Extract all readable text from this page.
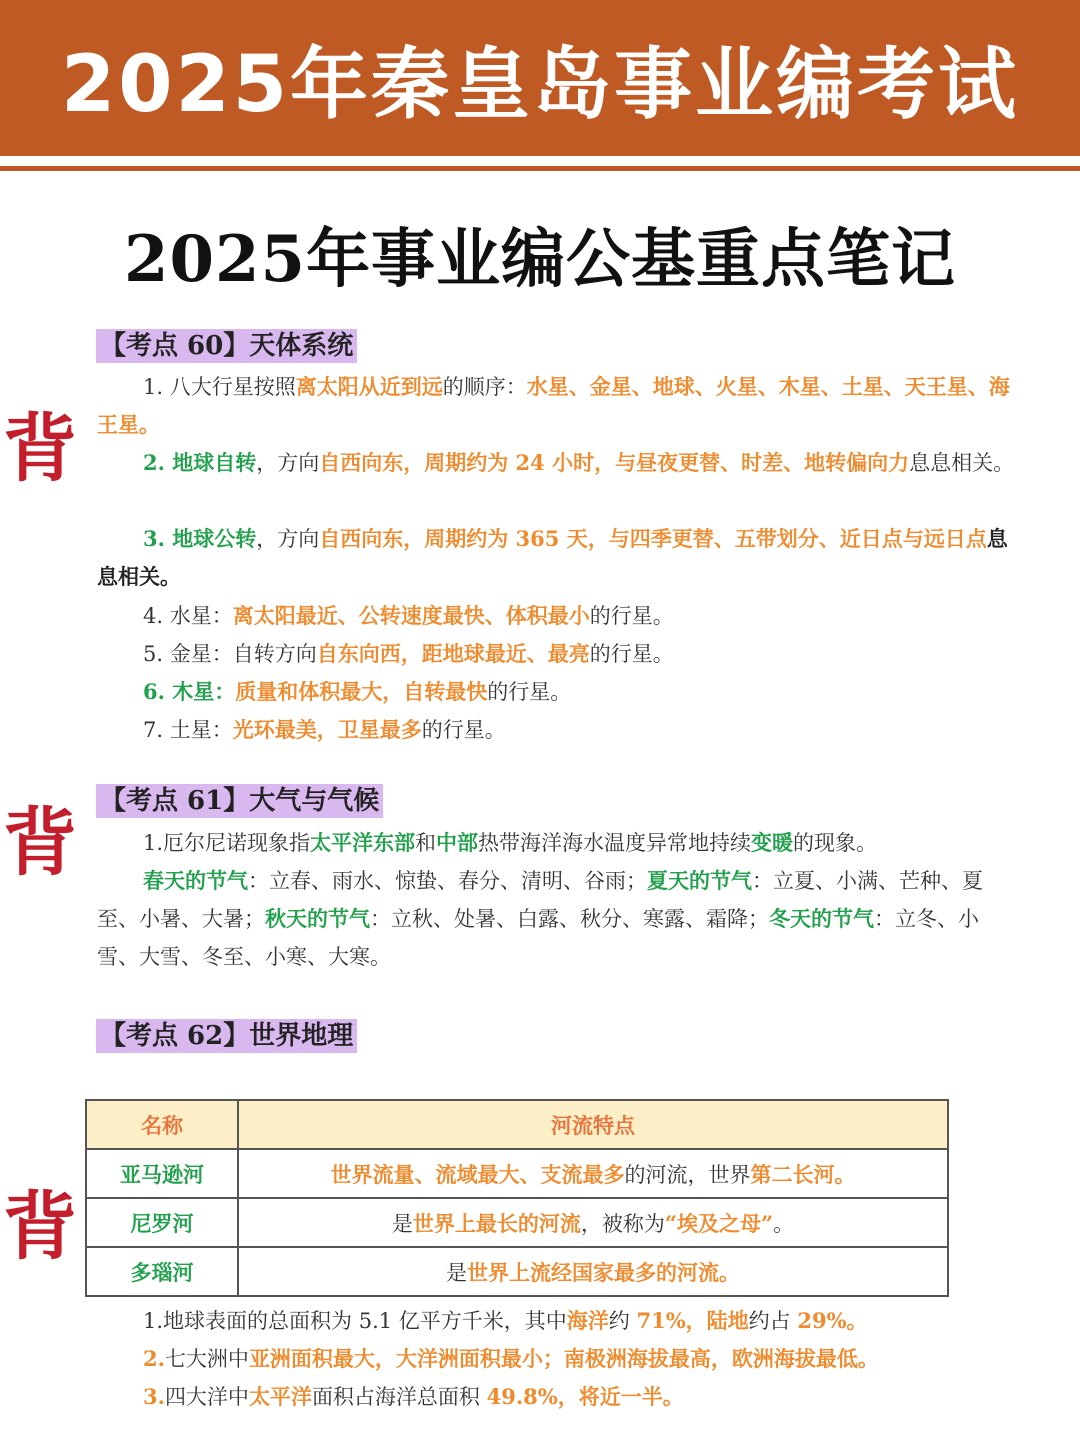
2025年秦皇岛事业编考试
2025年事业编公基重点笔记
背
背
背
【考点 60】天体系统
1. 八大行星按照离太阳从近到远的顺序：水星、金星、地球、火星、木星、土星、天王星、海王星。
2. 地球自转，方向自西向东，周期约为 24 小时，与昼夜更替、时差、地转偏向力息息相关。
3. 地球公转，方向自西向东，周期约为 365 天，与四季更替、五带划分、近日点与远日点息息相关。
4. 水星：离太阳最近、公转速度最快、体积最小的行星。
5. 金星：自转方向自东向西，距地球最近、最亮的行星。
6. 木星：质量和体积最大，自转最快的行星。
7. 土星：光环最美，卫星最多的行星。
【考点 61】大气与气候
1.厄尔尼诺现象指太平洋东部和中部热带海洋海水温度异常地持续变暖的现象。
春天的节气：立春、雨水、惊蛰、春分、清明、谷雨；夏天的节气：立夏、小满、芒种、夏至、小暑、大暑；秋天的节气：立秋、处暑、白露、秋分、寒露、霜降；冬天的节气：立冬、小雪、大雪、冬至、小寒、大寒。
【考点 62】世界地理
名称	河流特点
亚马逊河	世界流量、流域最大、支流最多的河流，世界第二长河。
尼罗河	是世界上最长的河流，被称为“埃及之母”。
多瑙河	是世界上流经国家最多的河流。
1.地球表面的总面积为 5.1 亿平方千米，其中海洋约 71%，陆地约占 29%。
2.七大洲中亚洲面积最大，大洋洲面积最小；南极洲海拔最高，欧洲海拔最低。
3.四大洋中太平洋面积占海洋总面积 49.8%，将近一半。
